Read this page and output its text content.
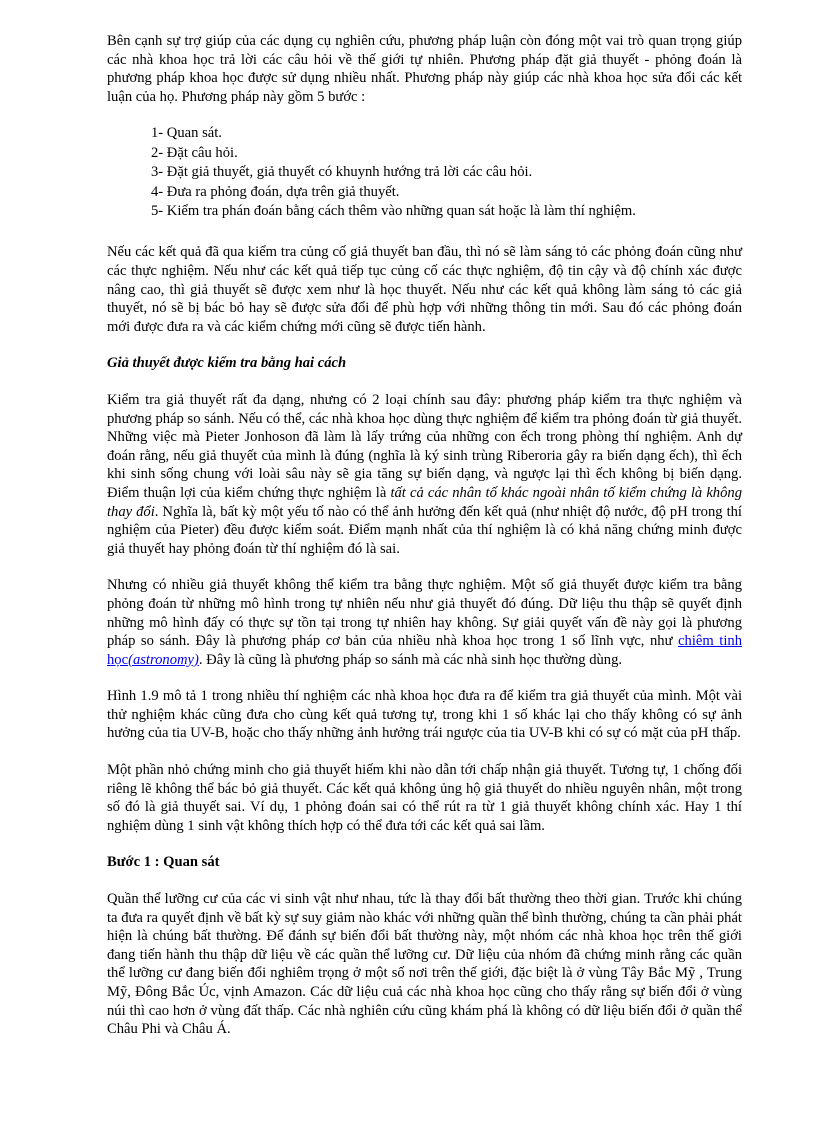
Bên cạnh sự trợ giúp của các dụng cụ nghiên cứu, phương pháp luận còn đóng một vai trò quan trọng giúp các nhà khoa học trả lời các câu hỏi về thế giới tự nhiên. Phương pháp đặt giả thuyết - phỏng đoán là phương pháp khoa học được sử dụng nhiều nhất. Phương pháp này giúp các nhà khoa học sửa đổi các kết luận của họ. Phương pháp này gồm 5 bước :

1- Quan sát.
2- Đặt câu hỏi.
3- Đặt giả thuyết, giả thuyết có khuynh hướng trả lời các câu hỏi.
4- Đưa ra phỏng đoán, dựa trên giả thuyết.
5- Kiểm tra phán đoán bằng cách thêm vào những quan sát hoặc là làm thí nghiệm.

Nếu các kết quả đã qua kiểm tra củng cố giả thuyết ban đầu, thì nó sẽ làm sáng tỏ các phỏng đoán cũng như các thực nghiệm. Nếu như các kết quả tiếp tục củng cố các thực nghiệm, độ tin cậy và độ chính xác được nâng cao, thì giả thuyết sẽ được xem như là học thuyết. Nếu như các kết quả không làm sáng tỏ các giả thuyết, nó sẽ bị bác bỏ hay sẽ được sửa đổi để phù hợp với những thông tin mới. Sau đó các phỏng đoán mới được đưa ra và các kiểm chứng mới cũng sẽ được tiến hành.

Giả thuyết được kiểm tra bằng hai cách

Kiểm tra giả thuyết rất đa dạng, nhưng có 2 loại chính sau đây: phương pháp kiểm tra thực nghiệm và phương pháp so sánh. Nếu có thể, các nhà khoa học dùng thực nghiệm để kiểm tra phỏng đoán từ giả thuyết. Những việc mà Pieter Jonhoson đã làm là lấy trứng của những con ếch trong phòng thí nghiệm. Anh dự đoán rằng, nếu giả thuyết của mình là đúng (nghĩa là ký sinh trùng Riberoria gây ra biến dạng ếch), thì ếch khi sinh sống chung với loài sâu này sẽ gia tăng sự biến dạng, và ngược lại thì ếch không bị biến dạng. Điểm thuận lợi của kiểm chứng thực nghiệm là tất cả các nhân tố khác ngoài nhân tố kiểm chứng là không thay đổi. Nghĩa là, bất kỳ một yếu tố nào có thể ảnh hưởng đến kết quả (như nhiệt độ nước, độ pH trong thí nghiệm của Pieter) đều được kiểm soát. Điểm mạnh nhất của thí nghiệm là có khả năng chứng minh được giả thuyết hay phỏng đoán từ thí nghiệm đó là sai.

Nhưng có nhiều giả thuyết không thể kiểm tra bằng thực nghiệm. Một số giả thuyết được kiểm tra bằng phỏng đoán từ những mô hình trong tự nhiên nếu như giả thuyết đó đúng. Dữ liệu thu thập sẽ quyết định những mô hình đấy có thực sự tồn tại trong tự nhiên hay không. Sự giải quyết vấn đề này gọi là phương pháp so sánh. Đây là phương pháp cơ bản của nhiều nhà khoa học trong 1 số lĩnh vực, như chiêm tinh học(astronomy). Đây là cũng là phương pháp so sánh mà các nhà sinh học thường dùng.

Hình 1.9 mô tả 1 trong nhiều thí nghiệm các nhà khoa học đưa ra để kiểm tra giả thuyết của mình. Một vài thử nghiệm khác cũng đưa cho cùng kết quả tương tự, trong khi 1 số khác lại cho thấy không có sự ảnh hưởng của tia UV-B, hoặc cho thấy những ảnh hưởng trái ngược của tia UV-B khi có sự có mặt của pH thấp.

Một phần nhỏ chứng minh cho giả thuyết hiếm khi nào dẫn tới chấp nhận giả thuyết. Tương tự, 1 chống đối riêng lẽ không thể bác bỏ giả thuyết. Các kết quả không ủng hộ giả thuyết do nhiều nguyên nhân, một trong số đó là giả thuyết sai. Ví dụ, 1 phỏng đoán sai có thể rút ra từ 1 giả thuyết không chính xác. Hay 1 thí nghiệm dùng 1 sinh vật không thích hợp có thể đưa tới các kết quả sai lầm.

Bước 1 : Quan sát

Quần thể lưỡng cư của các vi sinh vật như nhau, tức là thay đổi bất thường theo thời gian. Trước khi chúng ta đưa ra quyết định về bất kỳ sự suy giảm nào khác với những quần thể bình thường, chúng ta cần phải phát hiện là chúng bất thường. Để đánh sự biến đổi bất thường này, một nhóm các nhà khoa học trên thế giới đang tiến hành thu thập dữ liệu về các quần thể lưỡng cư. Dữ liệu của nhóm đã chứng minh rằng các quần thể lưỡng cư đang biến đổi nghiêm trọng ở một số nơi trên thế giới, đặc biệt là ở vùng Tây Bắc Mỹ , Trung Mỹ, Đông Bắc Úc, vịnh Amazon. Các dữ liệu cuả các nhà khoa học cũng cho thấy rằng sự biến đổi ở vùng núi thì cao hơn ở vùng đất thấp. Các nhà nghiên cứu cũng khám phá là không có dữ liệu biến đổi ở quần thể Châu Phi và Châu Á.
